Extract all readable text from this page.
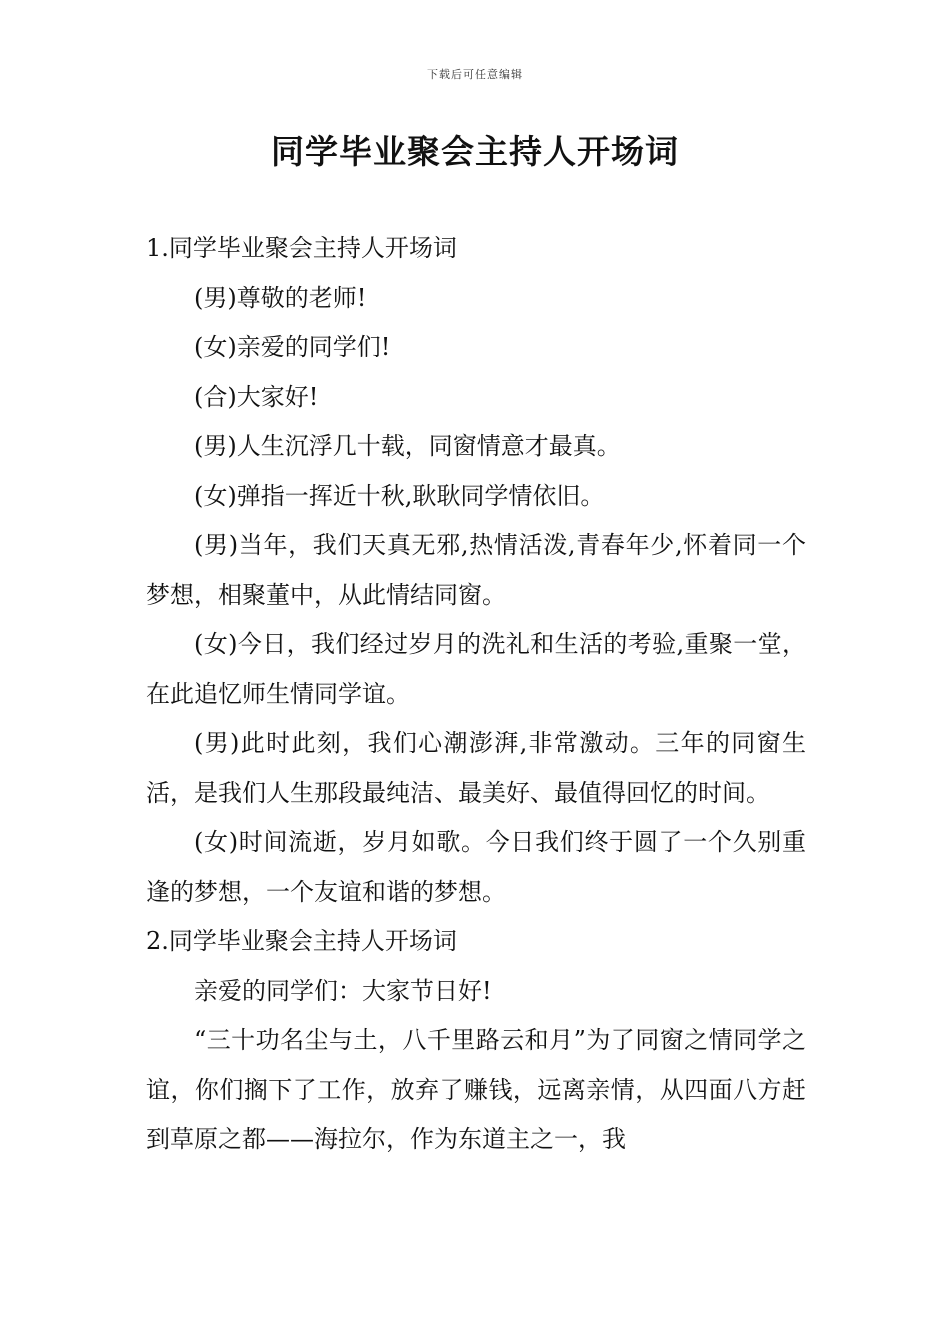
下载后可任意编辑
同学毕业聚会主持人开场词

1.同学毕业聚会主持人开场词

(男)尊敬的老师!

(女)亲爱的同学们!

(合)大家好!

(男)人生沉浮几十载，同窗情意才最真。

(女)弹指一挥近十秋,耿耿同学情依旧。

(男)当年，我们天真无邪,热情活泼,青春年少,怀着同一个梦想，相聚董中，从此情结同窗。

(女)今日，我们经过岁月的洗礼和生活的考验,重聚一堂，在此追忆师生情同学谊。

(男)此时此刻，我们心潮澎湃,非常激动。三年的同窗生活，是我们人生那段最纯洁、最美好、最值得回忆的时间。

(女)时间流逝，岁月如歌。今日我们终于圆了一个久别重逢的梦想，一个友谊和谐的梦想。

2.同学毕业聚会主持人开场词

亲爱的同学们：大家节日好!

“三十功名尘与土，八千里路云和月”为了同窗之情同学之谊，你们搁下了工作，放弃了赚钱，远离亲情，从四面八方赶到草原之都——海拉尔，作为东道主之一，我
